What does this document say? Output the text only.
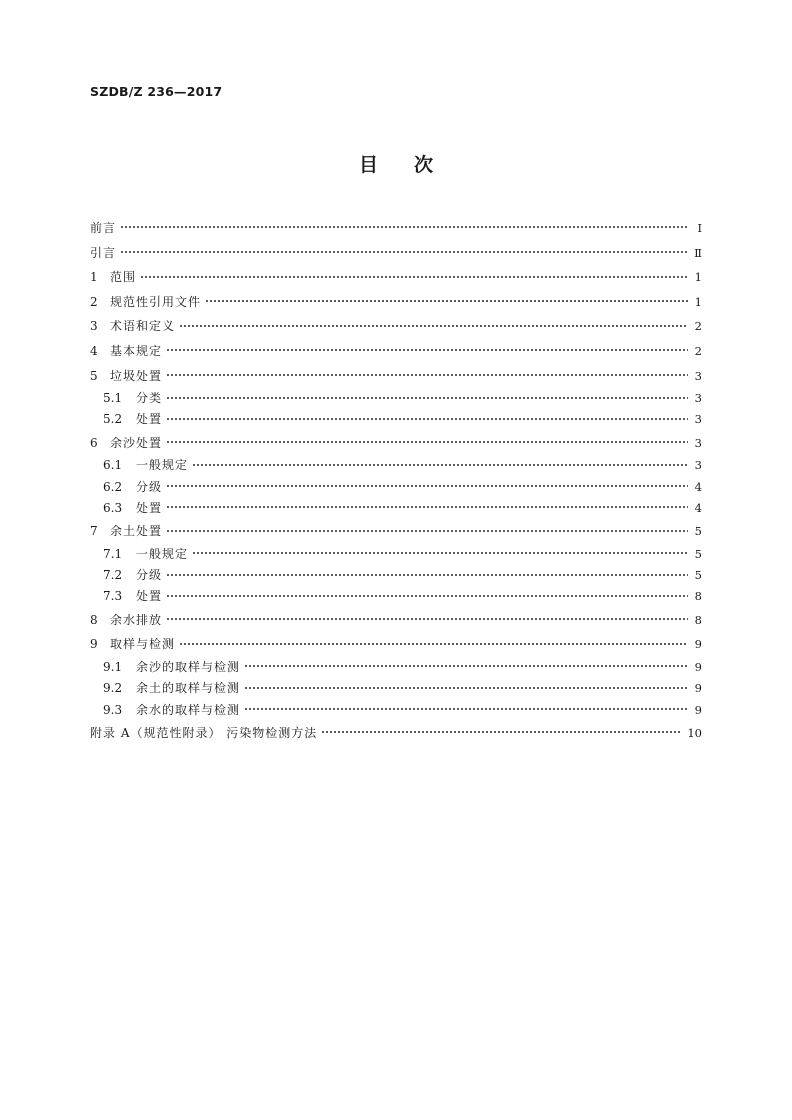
SZDB/Z 236—2017
目次
前言	Ⅰ
引言	Ⅱ
1	范围	1
2	规范性引用文件	1
3	术语和定义	2
4	基本规定	2
5	垃圾处置	3
5.1	分类	3
5.2	处置	3
6	余沙处置	3
6.1	一般规定	3
6.2	分级	4
6.3	处置	4
7	余土处置	5
7.1	一般规定	5
7.2	分级	5
7.3	处置	8
8	余水排放	8
9	取样与检测	9
9.1	余沙的取样与检测	9
9.2	余土的取样与检测	9
9.3	余水的取样与检测	9
附录 A（规范性附录） 污染物检测方法	10
